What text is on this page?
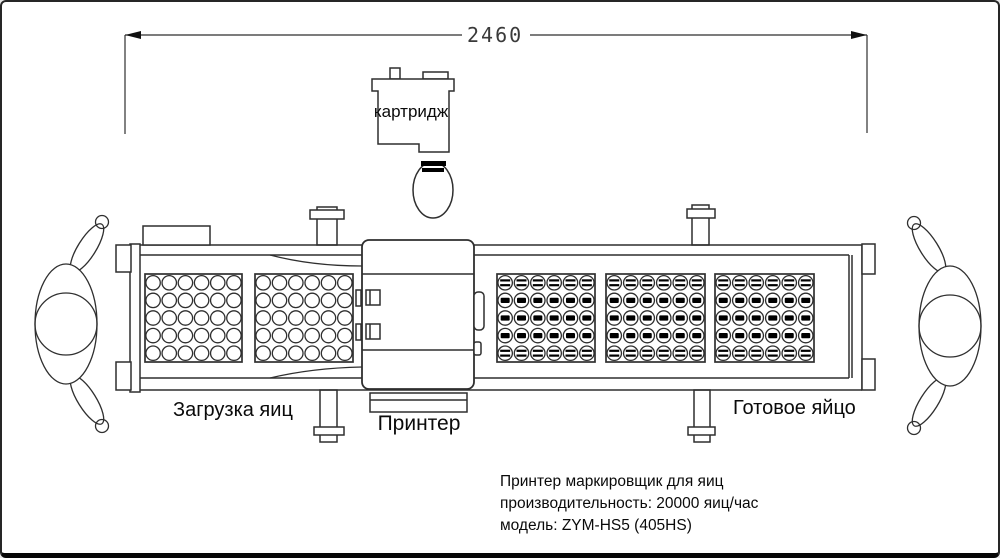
2460
картридж
Загрузка яиц
Принтер
Готовое яйцо
Принтер маркировщик для яиц
производительность: 20000 яиц/час
модель: ZYM-HS5 (405HS)
